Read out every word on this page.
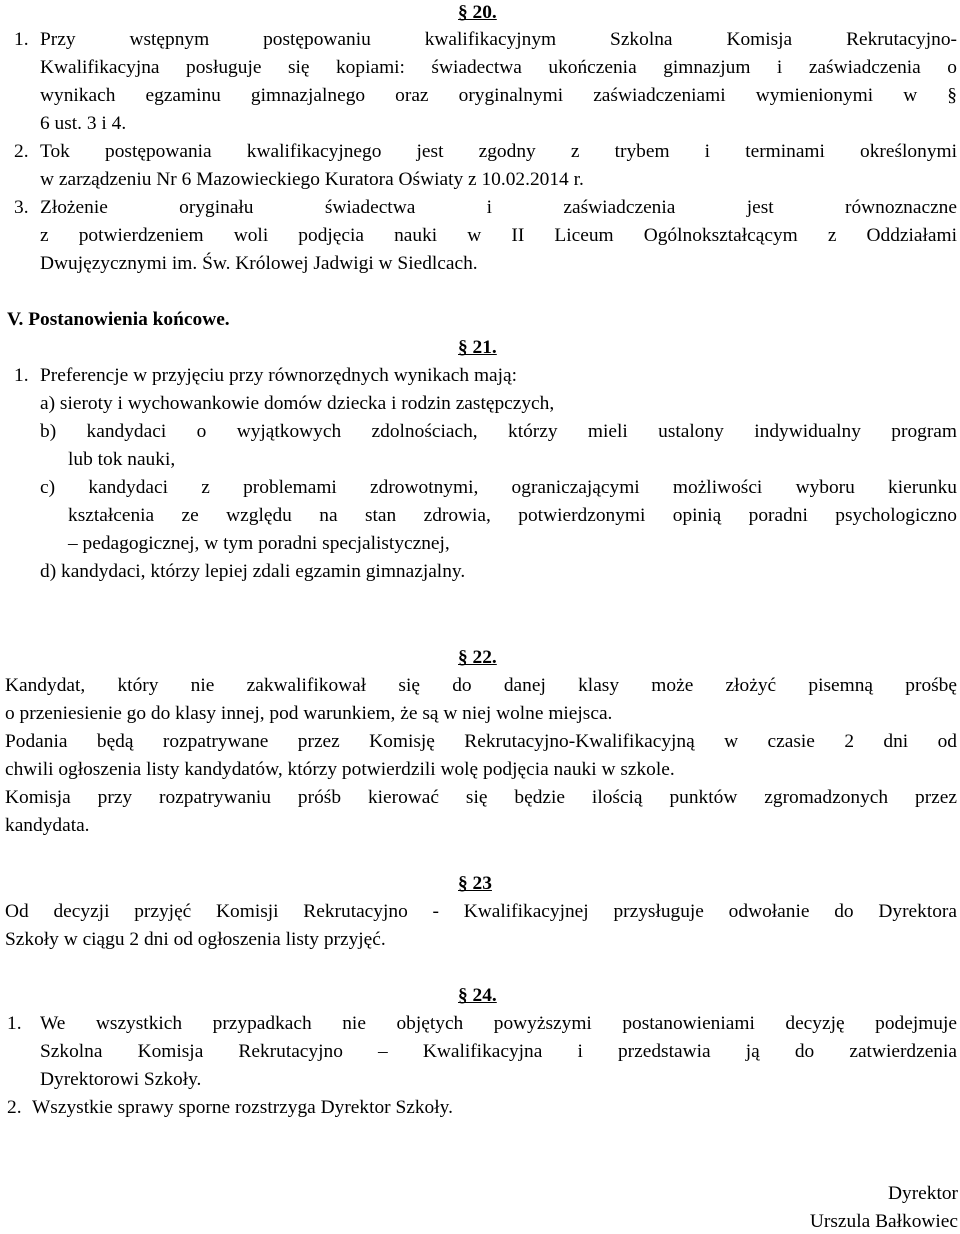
§ 20.
1. Przy wstępnym postępowaniu kwalifikacyjnym Szkolna Komisja Rekrutacyjno-
Kwalifikacyjna posługuje się kopiami: świadectwa ukończenia gimnazjum i zaświadczenia o
wynikach egzaminu gimnazjalnego oraz oryginalnymi zaświadczeniami wymienionymi w §
6 ust. 3 i 4.
2. Tok postępowania kwalifikacyjnego jest zgodny z trybem i terminami określonymi
w zarządzeniu Nr 6 Mazowieckiego Kuratora Oświaty z 10.02.2014 r.
3. Złożenie oryginału świadectwa i zaświadczenia jest równoznaczne
z potwierdzeniem woli podjęcia nauki w II Liceum Ogólnokształcącym z Oddziałami
Dwujęzycznymi im. Św. Królowej Jadwigi w Siedlcach.
V. Postanowienia końcowe.
§ 21.
1. Preferencje w przyjęciu przy równorzędnych wynikach mają:
a) sieroty i wychowankowie domów dziecka i rodzin zastępczych,
b) kandydaci o wyjątkowych zdolnościach, którzy mieli ustalony indywidualny program
lub tok nauki,
c) kandydaci z problemami zdrowotnymi, ograniczającymi możliwości wyboru kierunku
kształcenia ze względu na stan zdrowia, potwierdzonymi opinią poradni psychologiczno
– pedagogicznej, w tym poradni specjalistycznej,
d) kandydaci, którzy lepiej zdali egzamin gimnazjalny.
§ 22.
Kandydat, który nie zakwalifikował się do danej klasy może złożyć pisemną prośbę
o przeniesienie go do klasy innej, pod warunkiem, że są w niej wolne miejsca.
Podania będą rozpatrywane przez Komisję Rekrutacyjno-Kwalifikacyjną w czasie 2 dni od
chwili ogłoszenia listy kandydatów, którzy potwierdzili wolę podjęcia nauki w szkole.
Komisja przy rozpatrywaniu próśb kierować się będzie ilością punktów zgromadzonych przez
kandydata.
§ 23
Od decyzji przyjęć Komisji Rekrutacyjno - Kwalifikacyjnej przysługuje odwołanie do Dyrektora
Szkoły w ciągu 2 dni od ogłoszenia listy przyjęć.
§ 24.
1. We wszystkich przypadkach nie objętych powyższymi postanowieniami decyzję podejmuje
Szkolna Komisja Rekrutacyjno – Kwalifikacyjna i przedstawia ją do zatwierdzenia
Dyrektorowi Szkoły.
2. Wszystkie sprawy sporne rozstrzyga Dyrektor Szkoły.
Dyrektor
Urszula Bałkowiec
